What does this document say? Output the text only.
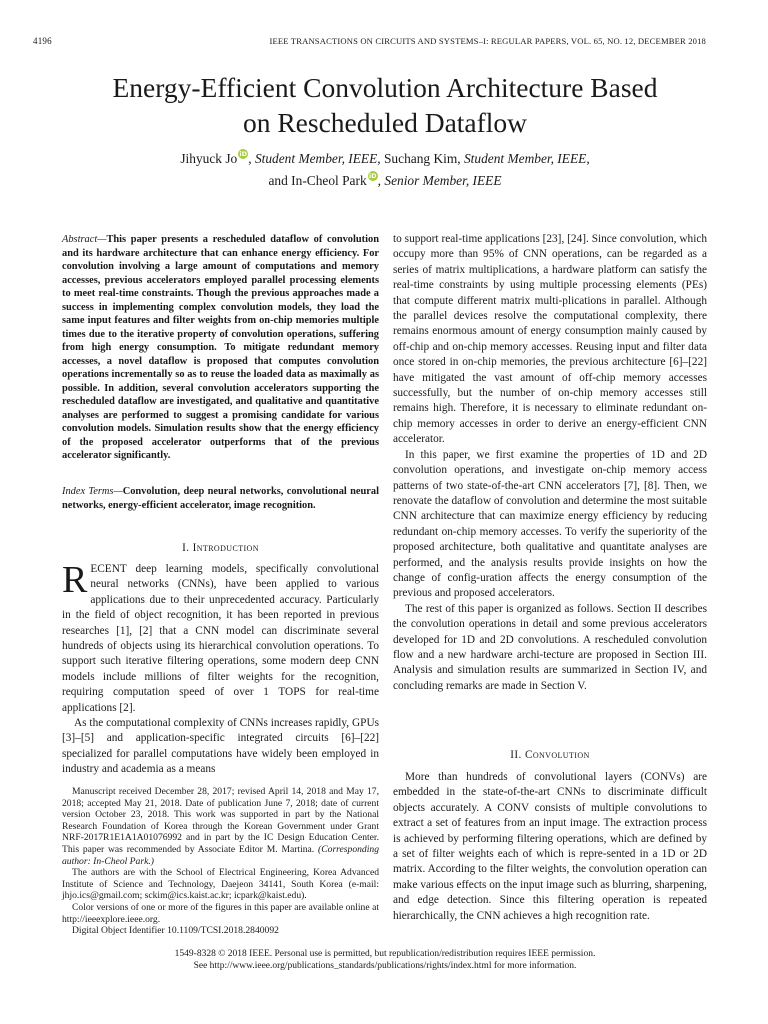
4196	IEEE TRANSACTIONS ON CIRCUITS AND SYSTEMS–I: REGULAR PAPERS, VOL. 65, NO. 12, DECEMBER 2018
Energy-Efficient Convolution Architecture Based
on Rescheduled Dataflow
Jihyuck Jo iD, Student Member, IEEE, Suchang Kim, Student Member, IEEE,
and In-Cheol Park iD, Senior Member, IEEE
Abstract—This paper presents a rescheduled dataflow of convolution and its hardware architecture that can enhance energy efficiency. For convolution involving a large amount of computations and memory accesses, previous accelerators employed parallel processing elements to meet real-time constraints. Though the previous approaches made a success in implementing complex convolution models, they load the same input features and filter weights from on-chip memories multiple times due to the iterative property of convolution operations, suffering from high energy consumption. To mitigate redundant memory accesses, a novel dataflow is proposed that computes convolution operations incrementally so as to reuse the loaded data as maximally as possible. In addition, several convolution accelerators supporting the rescheduled dataflow are investigated, and qualitative and quantitative analyses are performed to suggest a promising candidate for various convolution models. Simulation results show that the energy efficiency of the proposed accelerator outperforms that of the previous accelerator significantly.
Index Terms—Convolution, deep neural networks, convolutional neural networks, energy-efficient accelerator, image recognition.
I. Introduction

RECENT deep learning models, specifically convolutional neural networks (CNNs), have been applied to various applications due to their unprecedented accuracy. Particularly in the field of object recognition, it has been reported in previous researches [1], [2] that a CNN model can discriminate several hundreds of objects using its hierarchical convolution operations. To support such iterative filtering operations, some modern deep CNN models include millions of filter weights for the recognition, requiring computation speed of over 1 TOPS for real-time applications [2].

As the computational complexity of CNNs increases rapidly, GPUs [3]–[5] and application-specific integrated circuits [6]–[22] specialized for parallel computations have widely been employed in industry and academia as a means

Manuscript received December 28, 2017; revised April 14, 2018 and May 17, 2018; accepted May 21, 2018. Date of publication June 7, 2018; date of current version October 23, 2018. This work was supported in part by the National Research Foundation of Korea through the Korean Government under Grant NRF-2017R1E1A1A01076992 and in part by the IC Design Education Center. This paper was recommended by Associate Editor M. Martina. (Corresponding author: In-Cheol Park.)

The authors are with the School of Electrical Engineering, Korea Advanced Institute of Science and Technology, Daejeon 34141, South Korea (e-mail: jhjo.ics@gmail.com; sckim@ics.kaist.ac.kr; icpark@kaist.edu).

Color versions of one or more of the figures in this paper are available online at http://ieeexplore.ieee.org.

Digital Object Identifier 10.1109/TCSI.2018.2840092

to support real-time applications [23], [24]. Since convolution, which occupy more than 95% of CNN operations, can be regarded as a series of matrix multiplications, a hardware platform can satisfy the real-time constraints by using multiple processing elements (PEs) that compute different matrix multi-plications in parallel. Although the parallel devices resolve the computational complexity, there remains enormous amount of energy consumption mainly caused by off-chip and on-chip memory accesses. Reusing input and filter data once stored in on-chip memories, the previous architecture [6]–[22] have mitigated the vast amount of off-chip memory accesses successfully, but the number of on-chip memory accesses still remains high. Therefore, it is necessary to eliminate redundant on-chip memory accesses in order to derive an energy-efficient CNN accelerator.

In this paper, we first examine the properties of 1D and 2D convolution operations, and investigate on-chip memory access patterns of two state-of-the-art CNN accelerators [7], [8]. Then, we renovate the dataflow of convolution and determine the most suitable CNN architecture that can maximize energy efficiency by reducing redundant on-chip memory accesses. To verify the superiority of the proposed architecture, both qualitative and quantitate analyses are performed, and the analysis results provide insights on how the change of config-uration affects the energy consumption of the previous and proposed accelerators.

The rest of this paper is organized as follows. Section II describes the convolution operations in detail and some previous accelerators developed for 1D and 2D convolutions. A rescheduled convolution flow and a new hardware archi-tecture are proposed in Section III. Analysis and simulation results are summarized in Section IV, and concluding remarks are made in Section V.

II. Convolution

More than hundreds of convolutional layers (CONVs) are embedded in the state-of-the-art CNNs to discriminate difficult objects accurately. A CONV consists of multiple convolutions to extract a set of features from an input image. The extraction process is achieved by performing filtering operations, which are defined by a set of filter weights each of which is repre-sented in a 1D or 2D matrix. According to the filter weights, the convolution operation can make various effects on the input image such as blurring, sharpening, and edge detection. Since this filtering operation is repeated hierarchically, the CNN achieves a high recognition rate.

1549-8328 © 2018 IEEE. Personal use is permitted, but republication/redistribution requires IEEE permission.
See http://www.ieee.org/publications_standards/publications/rights/index.html for more information.
